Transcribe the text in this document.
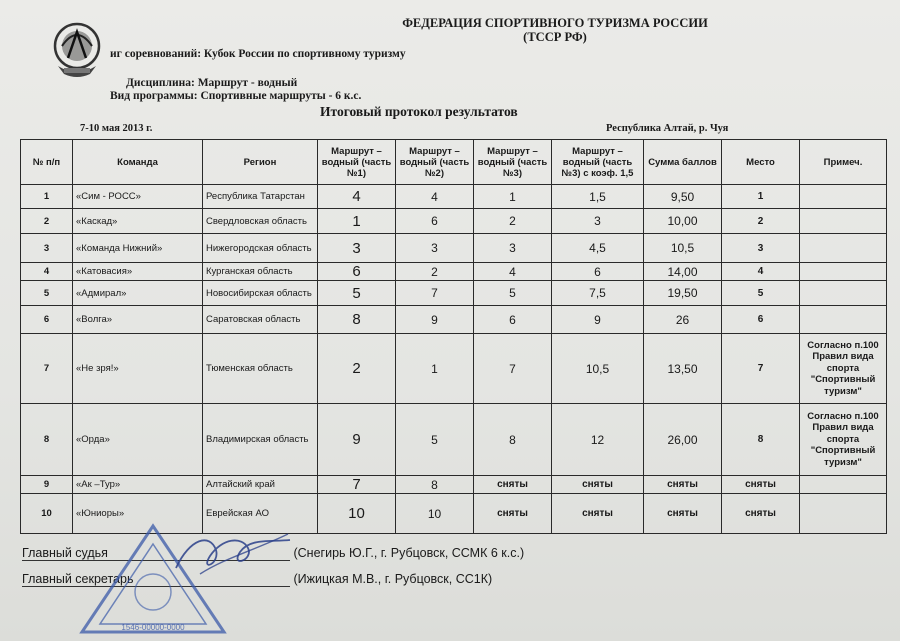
ФЕДЕРАЦИЯ СПОРТИВНОГО ТУРИЗМА РОССИИ
(ТССР РФ)
иг соревнований: Кубок России по спортивному туризму
Дисциплина: Маршрут - водный
Вид программы: Спортивные маршруты - 6 к.с.
Итоговый протокол результатов
7-10 мая 2013 г.	Республика Алтай, р. Чуя
№ п/п	Команда	Регион	Маршрут – водный (часть №1)	Маршрут – водный (часть №2)	Маршрут – водный (часть №3)	Маршрут – водный (часть №3) с коэф. 1,5	Сумма баллов	Место	Примеч.
1	«Сим - РОСС»	Республика Татарстан	4	4	1	1,5	9,50	1	
2	«Каскад»	Свердловская область	1	6	2	3	10,00	2	
3	«Команда Нижний»	Нижегородская область	3	3	3	4,5	10,5	3	
4	«Катовасия»	Курганская область	6	2	4	6	14,00	4	
5	«Адмирал»	Новосибирская область	5	7	5	7,5	19,50	5	
6	«Волга»	Саратовская область	8	9	6	9	26	6	
7	«Не зря!»	Тюменская область	2	1	7	10,5	13,50	7	Согласно п.100 Правил вида спорта "Спортивный туризм"
8	«Орда»	Владимирская область	9	5	8	12	26,00	8	Согласно п.100 Правил вида спорта "Спортивный туризм"
9	«Ак –Тур»	Алтайский край	7	8	сняты	сняты	сняты	сняты	
10	«Юниоры»	Еврейская АО	10	10	сняты	сняты	сняты	сняты	
Главный судья	(Снегирь Ю.Г., г. Рубцовск, ССМК 6 к.с.)
Главный секретарь	(Ижицкая М.В., г. Рубцовск, СС1К)
1546-00000-0000
